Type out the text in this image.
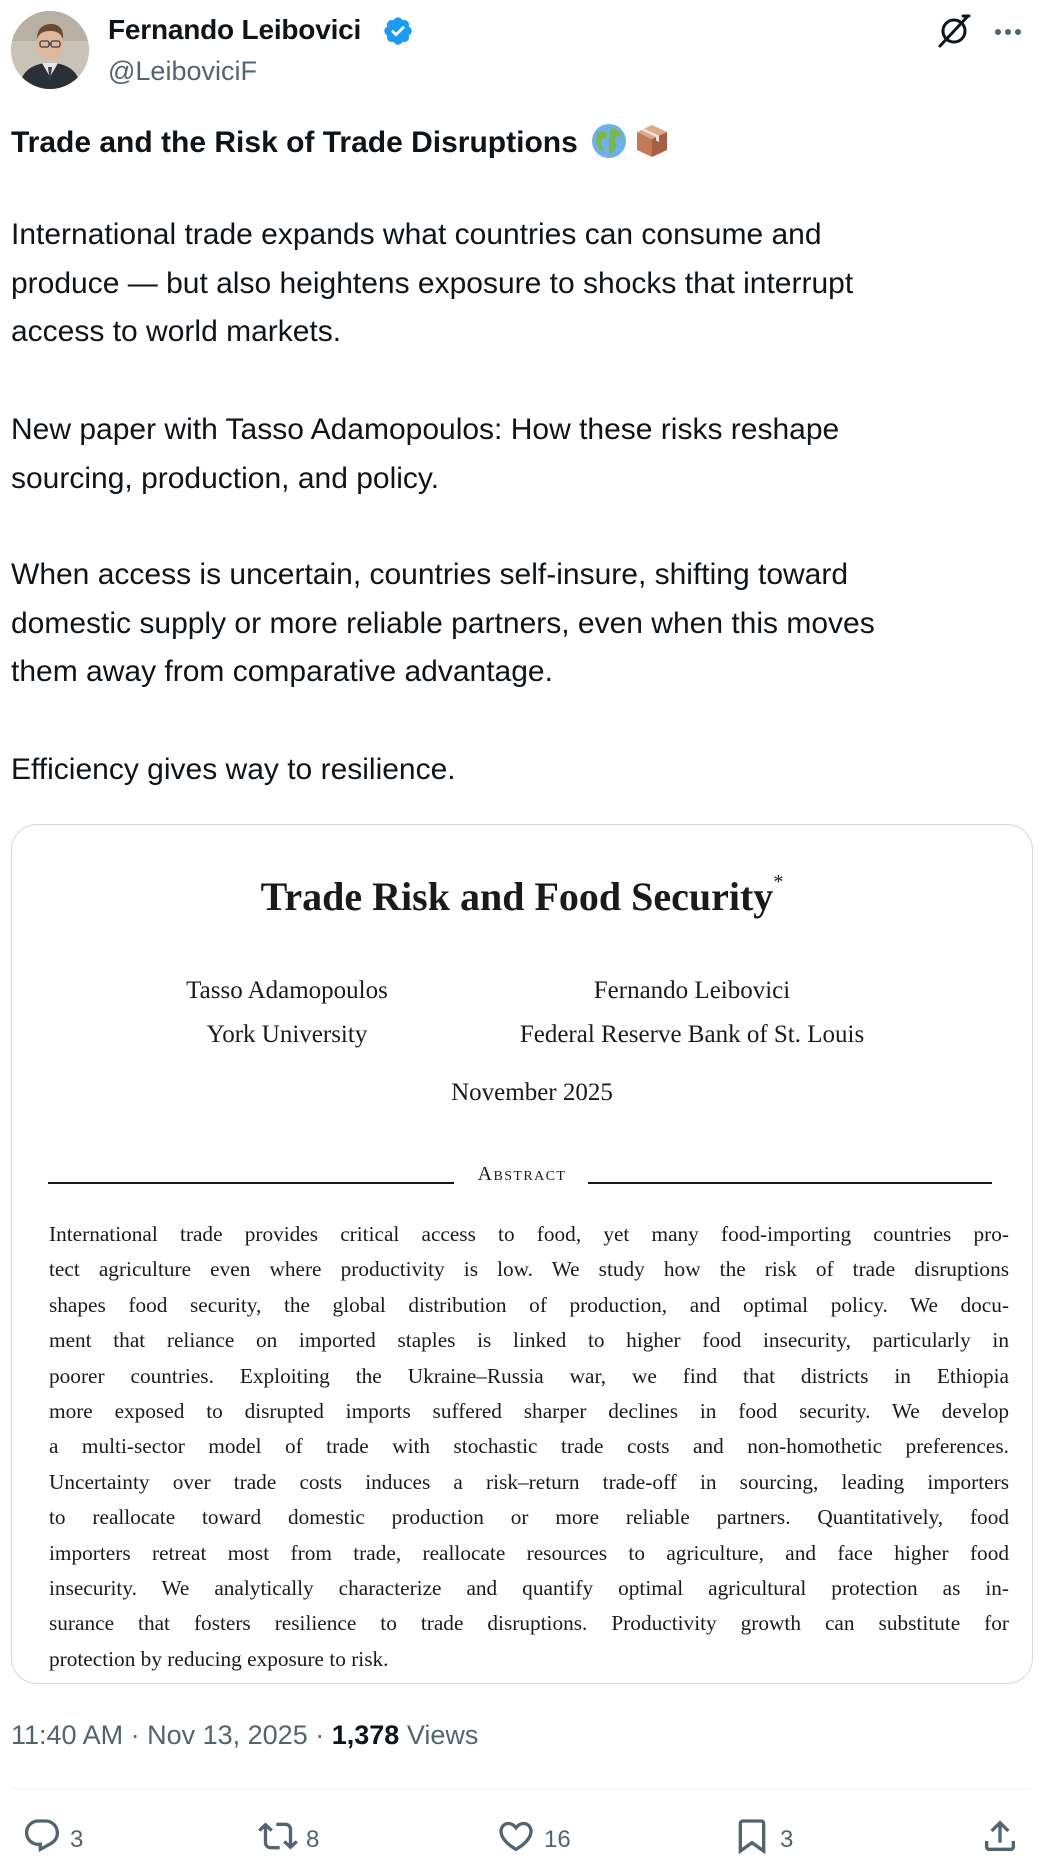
Fernando Leibovici
@LeiboviciF
Trade and the Risk of Trade Disruptions
International trade expands what countries can consume and
produce — but also heightens exposure to shocks that interrupt
access to world markets.
New paper with Tasso Adamopoulos: How these risks reshape
sourcing, production, and policy.
When access is uncertain, countries self-insure, shifting toward
domestic supply or more reliable partners, even when this moves
them away from comparative advantage.
Efficiency gives way to resilience.
Trade Risk and Food Security*
Tasso Adamopoulos
York University
Fernando Leibovici
Federal Reserve Bank of St. Louis
November 2025
Abstract
International trade provides critical access to food, yet many food-importing countries pro-
tect agriculture even where productivity is low. We study how the risk of trade disruptions
shapes food security, the global distribution of production, and optimal policy. We docu-
ment that reliance on imported staples is linked to higher food insecurity, particularly in
poorer countries. Exploiting the Ukraine–Russia war, we find that districts in Ethiopia
more exposed to disrupted imports suffered sharper declines in food security. We develop
a multi-sector model of trade with stochastic trade costs and non-homothetic preferences.
Uncertainty over trade costs induces a risk–return trade-off in sourcing, leading importers
to reallocate toward domestic production or more reliable partners. Quantitatively, food
importers retreat most from trade, reallocate resources to agriculture, and face higher food
insecurity. We analytically characterize and quantify optimal agricultural protection as in-
surance that fosters resilience to trade disruptions. Productivity growth can substitute for
protection by reducing exposure to risk.
11:40 AM · Nov 13, 2025 · 1,378 Views
3	8	16	3
